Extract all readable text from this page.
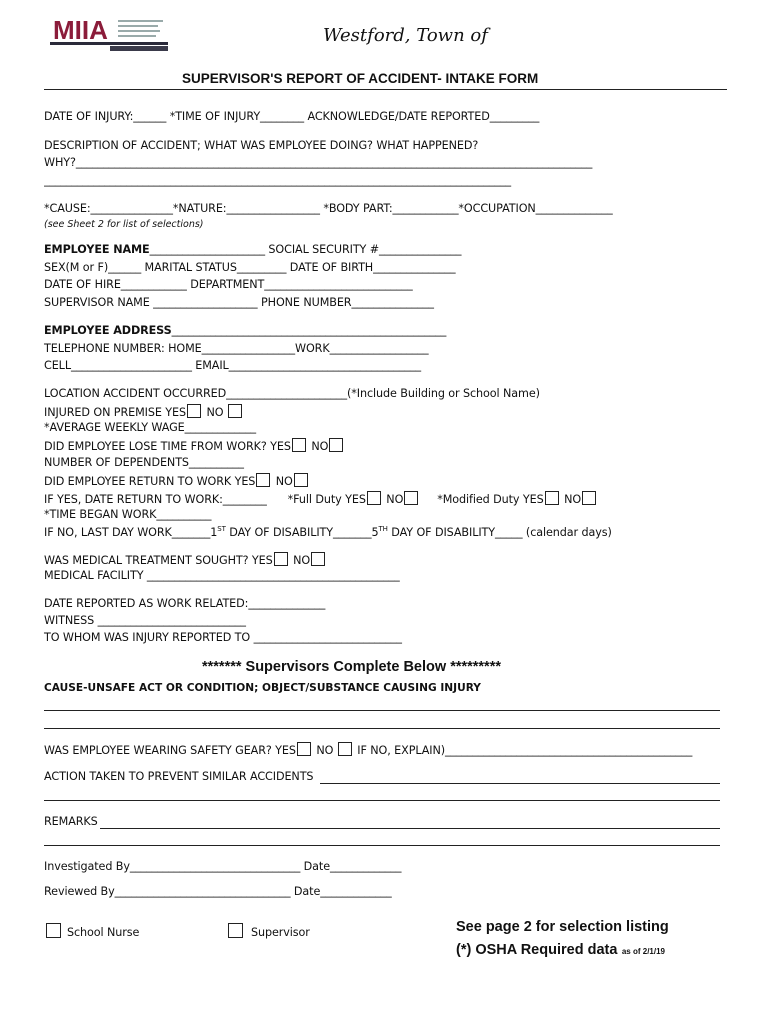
MIIA	Westford, Town of
SUPERVISOR'S REPORT OF ACCIDENT- INTAKE FORM
DATE OF INJURY:______ *TIME OF INJURY________ ACKNOWLEDGE/DATE REPORTED_________
DESCRIPTION OF ACCIDENT; WHAT WAS EMPLOYEE DOING? WHAT HAPPENED?
WHY?______________________________________________________________________________________________
_____________________________________________________________________________________
*CAUSE:_______________*NATURE:_________________ *BODY PART:____________*OCCUPATION______________
(see Sheet 2 for list of selections)
EMPLOYEE NAME_____________________ SOCIAL SECURITY #_______________
SEX(M or F)______ MARITAL STATUS_________ DATE OF BIRTH_______________
DATE OF HIRE____________ DEPARTMENT___________________________
SUPERVISOR NAME ___________________ PHONE NUMBER_______________
EMPLOYEE ADDRESS__________________________________________________
TELEPHONE NUMBER: HOME_________________WORK__________________
CELL______________________ EMAIL___________________________________
LOCATION ACCIDENT OCCURRED______________________(*Include Building or School Name)
INJURED ON PREMISE YES NO
*AVERAGE WEEKLY WAGE_____________
DID EMPLOYEE LOSE TIME FROM WORK? YES NO
NUMBER OF DEPENDENTS__________
DID EMPLOYEE RETURN TO WORK YES NO
IF YES, DATE RETURN TO WORK:________ *Full Duty YES NO	*Modified Duty YES NO
*TIME BEGAN WORK__________
IF NO, LAST DAY WORK_______1ST DAY OF DISABILITY_______5TH DAY OF DISABILITY_____ (calendar days)
WAS MEDICAL TREATMENT SOUGHT? YES NO
MEDICAL FACILITY ______________________________________________
DATE REPORTED AS WORK RELATED:______________
WITNESS ___________________________
TO WHOM WAS INJURY REPORTED TO ___________________________
******* Supervisors Complete Below *********
CAUSE-UNSAFE ACT OR CONDITION; OBJECT/SUBSTANCE CAUSING INJURY
WAS EMPLOYEE WEARING SAFETY GEAR? YES NO IF NO, EXPLAIN)_____________________________________________
ACTION TAKEN TO PREVENT SIMILAR ACCIDENTS
REMARKS
Investigated By_______________________________ Date_____________
Reviewed By________________________________ Date_____________
School Nurse	Supervisor	See page 2 for selection listing
(*) OSHA Required data as of 2/1/19
